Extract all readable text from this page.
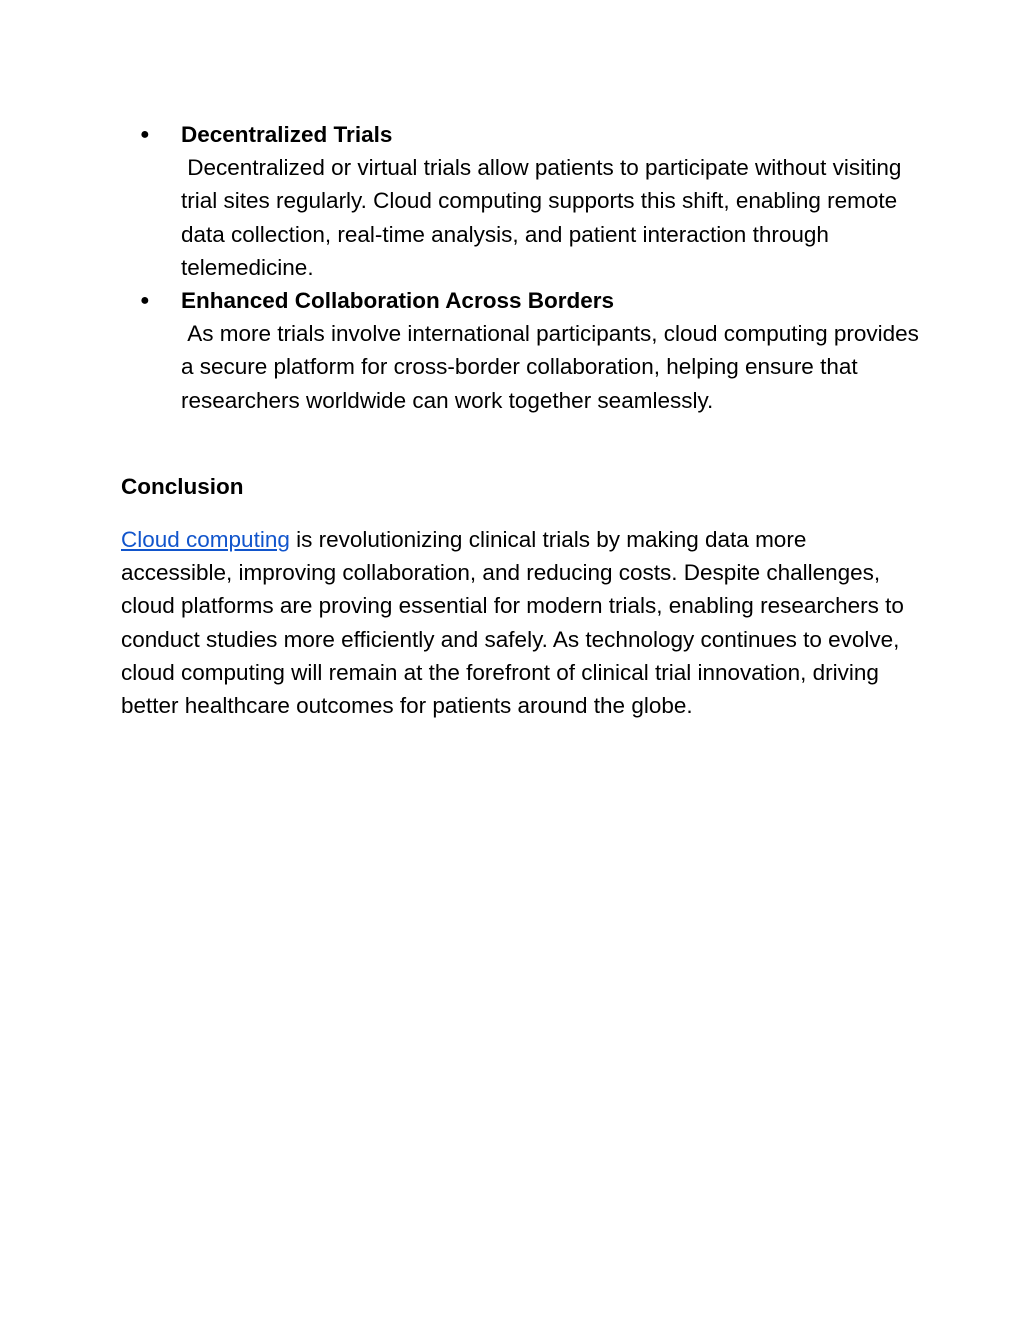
●	Decentralized Trials
Decentralized or virtual trials allow patients to participate without visiting trial sites regularly. Cloud computing supports this shift, enabling remote data collection, real-time analysis, and patient interaction through telemedicine.
●	Enhanced Collaboration Across Borders
As more trials involve international participants, cloud computing provides a secure platform for cross-border collaboration, helping ensure that researchers worldwide can work together seamlessly.
Conclusion

Cloud computing is revolutionizing clinical trials by making data more accessible, improving collaboration, and reducing costs. Despite challenges, cloud platforms are proving essential for modern trials, enabling researchers to conduct studies more efficiently and safely. As technology continues to evolve, cloud computing will remain at the forefront of clinical trial innovation, driving better healthcare outcomes for patients around the globe.
